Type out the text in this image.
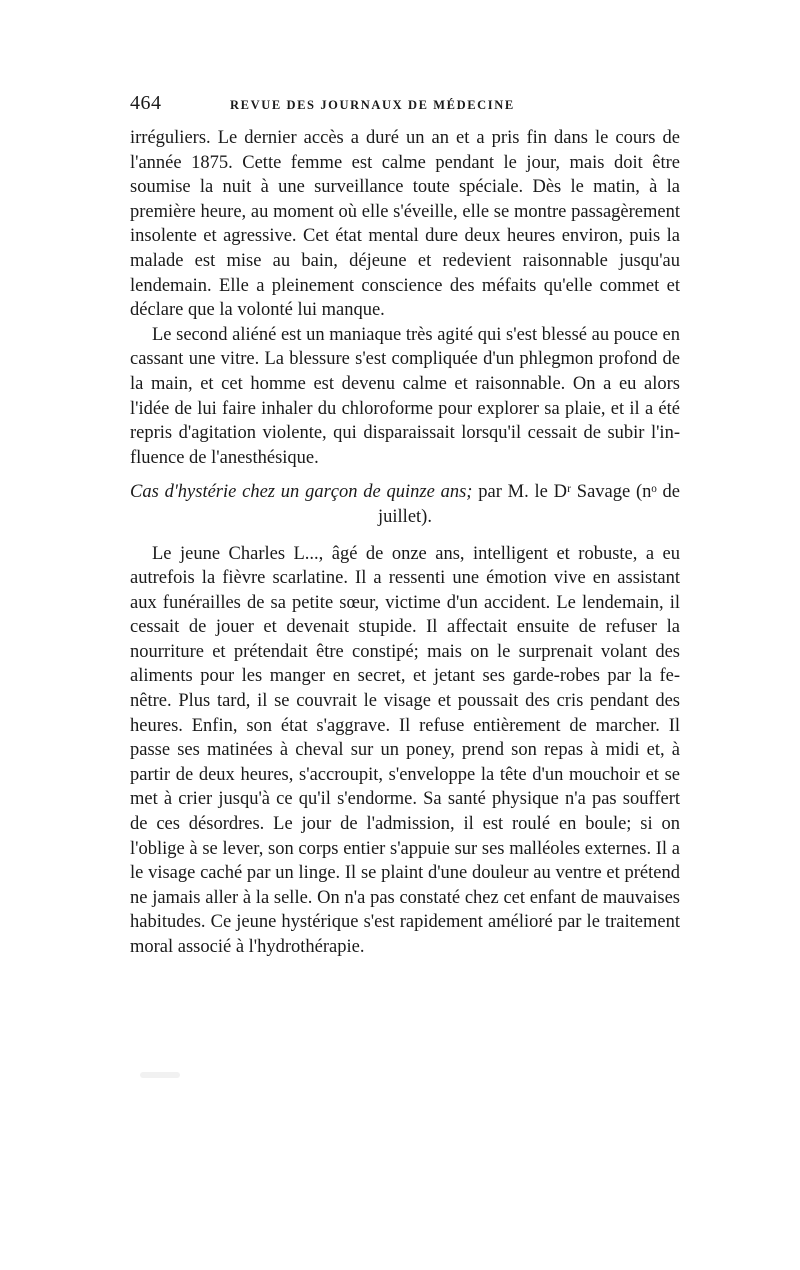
464	REVUE DES JOURNAUX DE MÉDECINE

irréguliers. Le dernier accès a duré un an et a pris fin dans le cours de l'année 1875. Cette femme est calme pendant le jour, mais doit être soumise la nuit à une surveillance toute spéciale. Dès le matin, à la première heure, au moment où elle s'éveille, elle se montre passagèrement insolente et agressive. Cet état mental dure deux heures environ, puis la malade est mise au bain, déjeune et redevient raisonnable jusqu'au lendemain. Elle a pleinement conscience des méfaits qu'elle commet et déclare que la volonté lui manque.

Le second aliéné est un maniaque très agité qui s'est blessé au pouce en cassant une vitre. La blessure s'est compliquée d'un phlegmon profond de la main, et cet homme est devenu calme et raisonnable. On a eu alors l'idée de lui faire inhaler du chloroforme pour explorer sa plaie, et il a été repris d'agitation violente, qui disparaissait lorsqu'il cessait de subir l'influence de l'anesthésique.

Cas d'hystérie chez un garçon de quinze ans; par M. le Dʳ Savage (nᵒ de juillet).

Le jeune Charles L..., âgé de onze ans, intelligent et robuste, a eu autrefois la fièvre scarlatine. Il a ressenti une émotion vive en assistant aux funérailles de sa petite sœur, victime d'un accident. Le lendemain, il cessait de jouer et devenait stupide. Il affectait ensuite de refuser la nourriture et prétendait être constipé; mais on le surprenait volant des aliments pour les manger en secret, et jetant ses garde-robes par la fenêtre. Plus tard, il se couvrait le visage et poussait des cris pendant des heures. Enfin, son état s'aggrave. Il refuse entièrement de marcher. Il passe ses matinées à cheval sur un poney, prend son repas à midi et, à partir de deux heures, s'accroupit, s'enveloppe la tête d'un mouchoir et se met à crier jusqu'à ce qu'il s'endorme. Sa santé physique n'a pas souffert de ces désordres. Le jour de l'admission, il est roulé en boule; si on l'oblige à se lever, son corps entier s'appuie sur ses malléoles externes. Il a le visage caché par un linge. Il se plaint d'une douleur au ventre et prétend ne jamais aller à la selle. On n'a pas constaté chez cet enfant de mauvaises habitudes. Ce jeune hystérique s'est rapidement amélioré par le traitement moral associé à l'hydrothérapie.
